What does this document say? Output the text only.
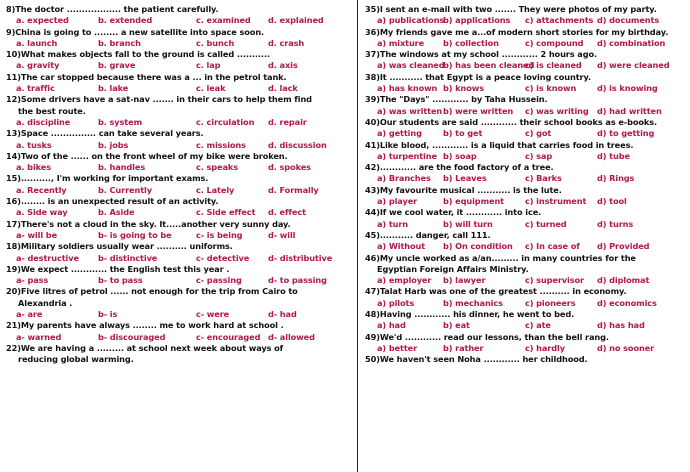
8)The doctor .................. the patient carefully.
a. expected	b. extended	c. examined d. explained
9)China is going to ........ a new satellite into space soon.
a. launch	b. branch	c. bunch	d. crash
10)What makes objects fall to the ground is called ...........
a. gravity	b. grave	c. lap	d. axis
11)The car stopped because there was a ... in the petrol tank.
a. traffic	b. lake	c. leak	d. lack
12)Some drivers have a sat-nav ....... in their cars to help them find
the best route.
a. discipline	b. system	c. circulation d. repair
13)Space ............... can take several years.
a. tusks	b. jobs	c. missions	d. discussion
14)Two of the ...... on the front wheel of my bike were broken.
a. bikes	b. handles	c. speaks	d. spokes
15).........., I'm working for important exams.
a. Recently	b. Currently	c. Lately	d. Formally
16)........ is an unexpected result of an activity.
a. Side way	b. Aside	c. Side effect d. effect
17)There's not a cloud in the sky. It.....another very sunny day.
a- will be	b- is going to be	c- is being	d- will
18)Military soldiers usually wear .......... uniforms.
a- destructive b- distinctive	c- detective d- distributive
19)We expect ............ the English test this year .
a- pass	b- to pass	c- passing	d- to passing
20)Five litres of petrol ...... not enough for the trip from Cairo to
Alexandria .
a- are	b- is	c- were	d- had
21)My parents have always ........ me to work hard at school .
a- warned	b- discouraged	c- encouraged d- allowed
22)We are having a ......... at school next week about ways of
reducing global warming.
35)I sent an e-mail with two ....... They were photos of my party.
a) publications
b) applications c) attachments d) documents
36)My friends gave me a...of modern short stories for my birthday.
a) mixture b) collection	c) compound d) combination
37)The windows at my school ............ 2 hours ago.
a) was cleaned
b) has been cleaned
c) is cleaned d) were cleaned
38)It ........... that Egypt is a peace loving country.
a) has known b) knows	c) is known	d) is knowing
39)The "Days" ............ by Taha Hussein.
a) was written b) were written c) was writing d) had written
40)Our students are said ............ their school books as e-books.
a) getting	b) to get	c) got	d) to getting
41)Like blood, ............ is a liquid that carries food in trees.
a) turpentine b) soap	c) sap	d) tube
42)............ are the food factory of a tree.
a) Branches b) Leaves	c) Barks	d) Rings
43)My favourite musical ........... is the lute.
a) player	b) equipment	c) instrument d) tool
44)If we cool water, it ............ into ice.
a) turn	b) will turn	c) turned	d) turns
45)........... danger, call 111.
a) Without b) On condition c) In case of d) Provided
46)My uncle worked as a/an......... in many countries for the
Egyptian Foreign Affairs Ministry.
a) employer b) lawyer	c) supervisor d) diplomat
47)Talat Harb was one of the greatest .......... in economy.
a) pilots	b) mechanics	c) pioneers	d) economics
48)Having ............ his dinner, he went to bed.
a) had	b) eat	c) ate	d) has had
49)We'd ............ read our lessons, than the bell rang.
a) better	b) rather	c) hardly	d) no sooner
50)We haven't seen Noha ............ her childhood.
